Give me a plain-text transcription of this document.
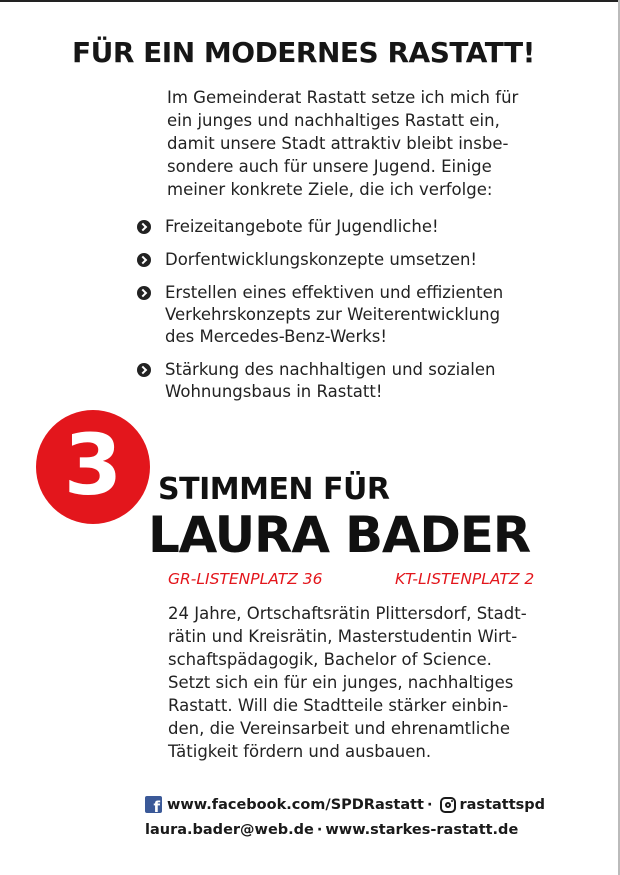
FÜR EIN MODERNES RASTATT!
Im Gemeinderat Rastatt setze ich mich für
ein junges und nachhaltiges Rastatt ein,
damit unsere Stadt attraktiv bleibt insbe-
sondere auch für unsere Jugend. Einige
meiner konkrete Ziele, die ich verfolge:
Freizeitangebote für Jugendliche!
Dorfentwicklungskonzepte umsetzen!
Erstellen eines effektiven und effizienten
Verkehrskonzepts zur Weiterentwicklung
des Mercedes-Benz-Werks!
Stärkung des nachhaltigen und sozialen
Wohnungsbaus in Rastatt!
3 STIMMEN FÜR
LAURA BADER
GR-LISTENPLATZ 36	KT-LISTENPLATZ 2
24 Jahre, Ortschaftsrätin Plittersdorf, Stadt-
rätin und Kreisrätin, Masterstudentin Wirt-
schaftspädagogik, Bachelor of Science.
Setzt sich ein für ein junges, nachhaltiges
Rastatt. Will die Stadtteile stärker einbin-
den, die Vereinsarbeit und ehrenamtliche
Tätigkeit fördern und ausbauen.
f
www.facebook.com/SPDRastatt · rastattspd
laura.bader@web.de · www.starkes-rastatt.de
